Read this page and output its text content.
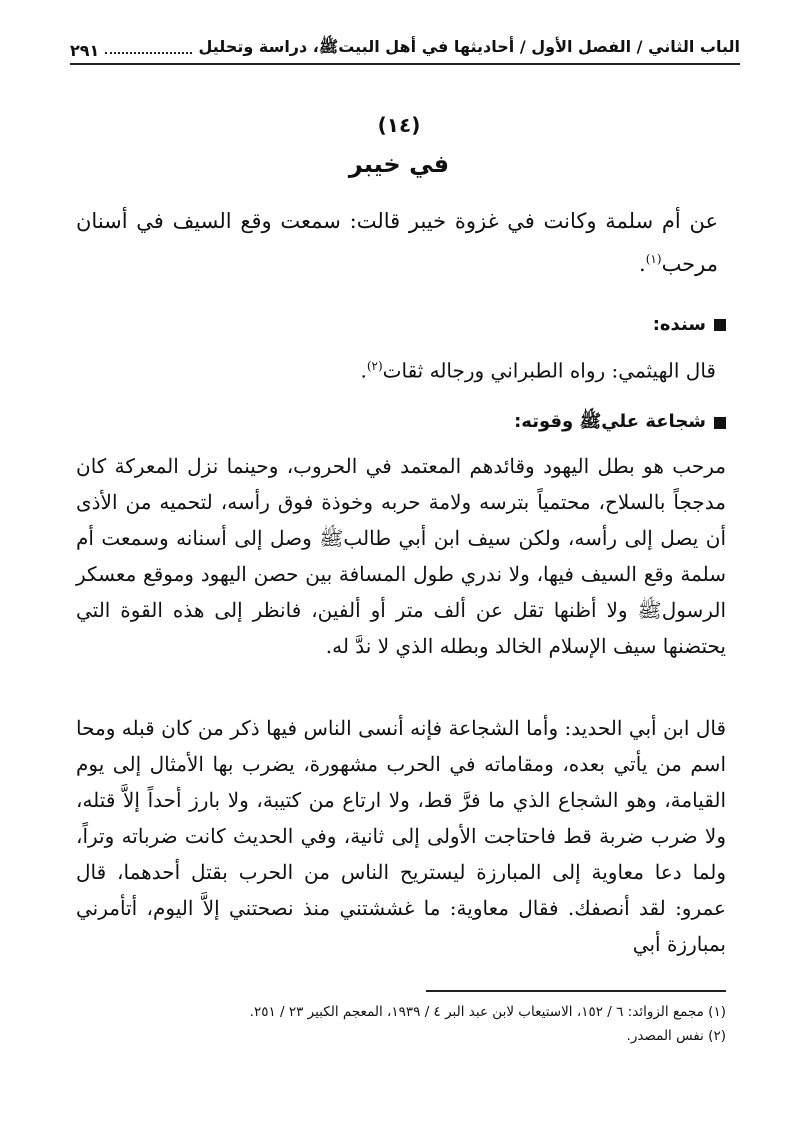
الباب الثاني / الفصل الأول / أحاديثها في أهل البيتﷺ، دراسة وتحليل
٢٩١
(١٤)
في خيبر
عن أم سلمة وكانت في غزوة خيبر قالت: سمعت وقع السيف في أسنان مرحب$^{(١)}$.
سنده:
قال الهيثمي: رواه الطبراني ورجاله ثقات$^{(٢)}$.
شجاعة عليﷺ وقوته:
مرحب هو بطل اليهود وقائدهم المعتمد في الحروب، وحينما نزل المعركة كان مدججاً بالسلاح، محتمياً بترسه ولامة حربه وخوذة فوق رأسه، لتحميه من الأذى أن يصل إلى رأسه، ولكن سيف ابن أبي طالبﷺ وصل إلى أسنانه وسمعت أم سلمة وقع السيف فيها، ولا ندري طول المسافة بين حصن اليهود وموقع معسكر الرسولﷺ ولا أظنها تقل عن ألف متر أو ألفين، فانظر إلى هذه القوة التي يحتضنها سيف الإسلام الخالد وبطله الذي لا ندَّ له.
قال ابن أبي الحديد: وأما الشجاعة فإنه أنسى الناس فيها ذكر من كان قبله ومحا اسم من يأتي بعده، ومقاماته في الحرب مشهورة، يضرب بها الأمثال إلى يوم القيامة، وهو الشجاع الذي ما فرَّ قط، ولا ارتاع من كتيبة، ولا بارز أحداً إلاَّ قتله، ولا ضرب ضربة قط فاحتاجت الأولى إلى ثانية، وفي الحديث كانت ضرباته وتراً، ولما دعا معاوية إلى المبارزة ليستريح الناس من الحرب بقتل أحدهما، قال عمرو: لقد أنصفك. فقال معاوية: ما غششتني منذ نصحتني إلاَّ اليوم، أتأمرني بمبارزة أبي
(١) مجمع الزوائد: ٦ / ١٥٢، الاستيعاب لابن عبد البر ٤ / ١٩٣٩، المعجم الكبير ٢٣ / ٢٥١.
(٢) نفس المصدر.
